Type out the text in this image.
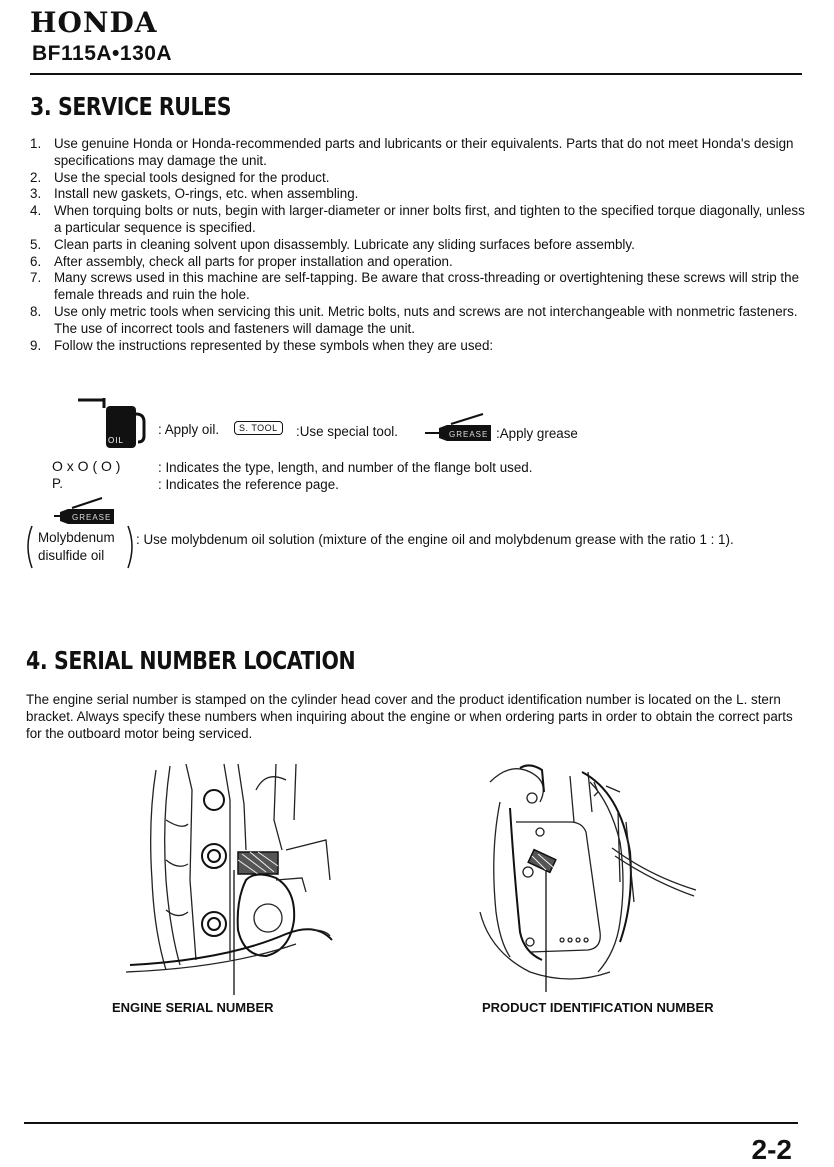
HONDA
BF115A•130A
3. SERVICE RULES
1. Use genuine Honda or Honda-recommended parts and lubricants or their equivalents. Parts that do not meet Honda's design specifications may damage the unit.
2. Use the special tools designed for the product.
3. Install new gaskets, O-rings, etc. when assembling.
4. When torquing bolts or nuts, begin with larger-diameter or inner bolts first, and tighten to the specified torque diagonally, unless a particular sequence is specified.
5. Clean parts in cleaning solvent upon disassembly. Lubricate any sliding surfaces before assembly.
6. After assembly, check all parts for proper installation and operation.
7. Many screws used in this machine are self-tapping. Be aware that cross-threading or overtightening these screws will strip the female threads and ruin the hole.
8. Use only metric tools when servicing this unit. Metric bolts, nuts and screws are not interchangeable with nonmetric fasteners. The use of incorrect tools and fasteners will damage the unit.
9. Follow the instructions represented by these symbols when they are used:
OIL
: Apply oil.	S. TOOL	:Use special tool.	GREASE :Apply grease
O x O ( O )	: Indicates the type, length, and number of the flange bolt used.
P.	: Indicates the reference page.
GREASE
Molybdenum
disulfide oil
: Use molybdenum oil solution (mixture of the engine oil and molybdenum grease with the ratio 1 : 1).
4. SERIAL NUMBER LOCATION
The engine serial number is stamped on the cylinder head cover and the product identification number is located on the L. stern bracket. Always specify these numbers when inquiring about the engine or when ordering parts in order to obtain the correct parts for the outboard motor being serviced.
ENGINE SERIAL NUMBER	PRODUCT IDENTIFICATION NUMBER
2-2
